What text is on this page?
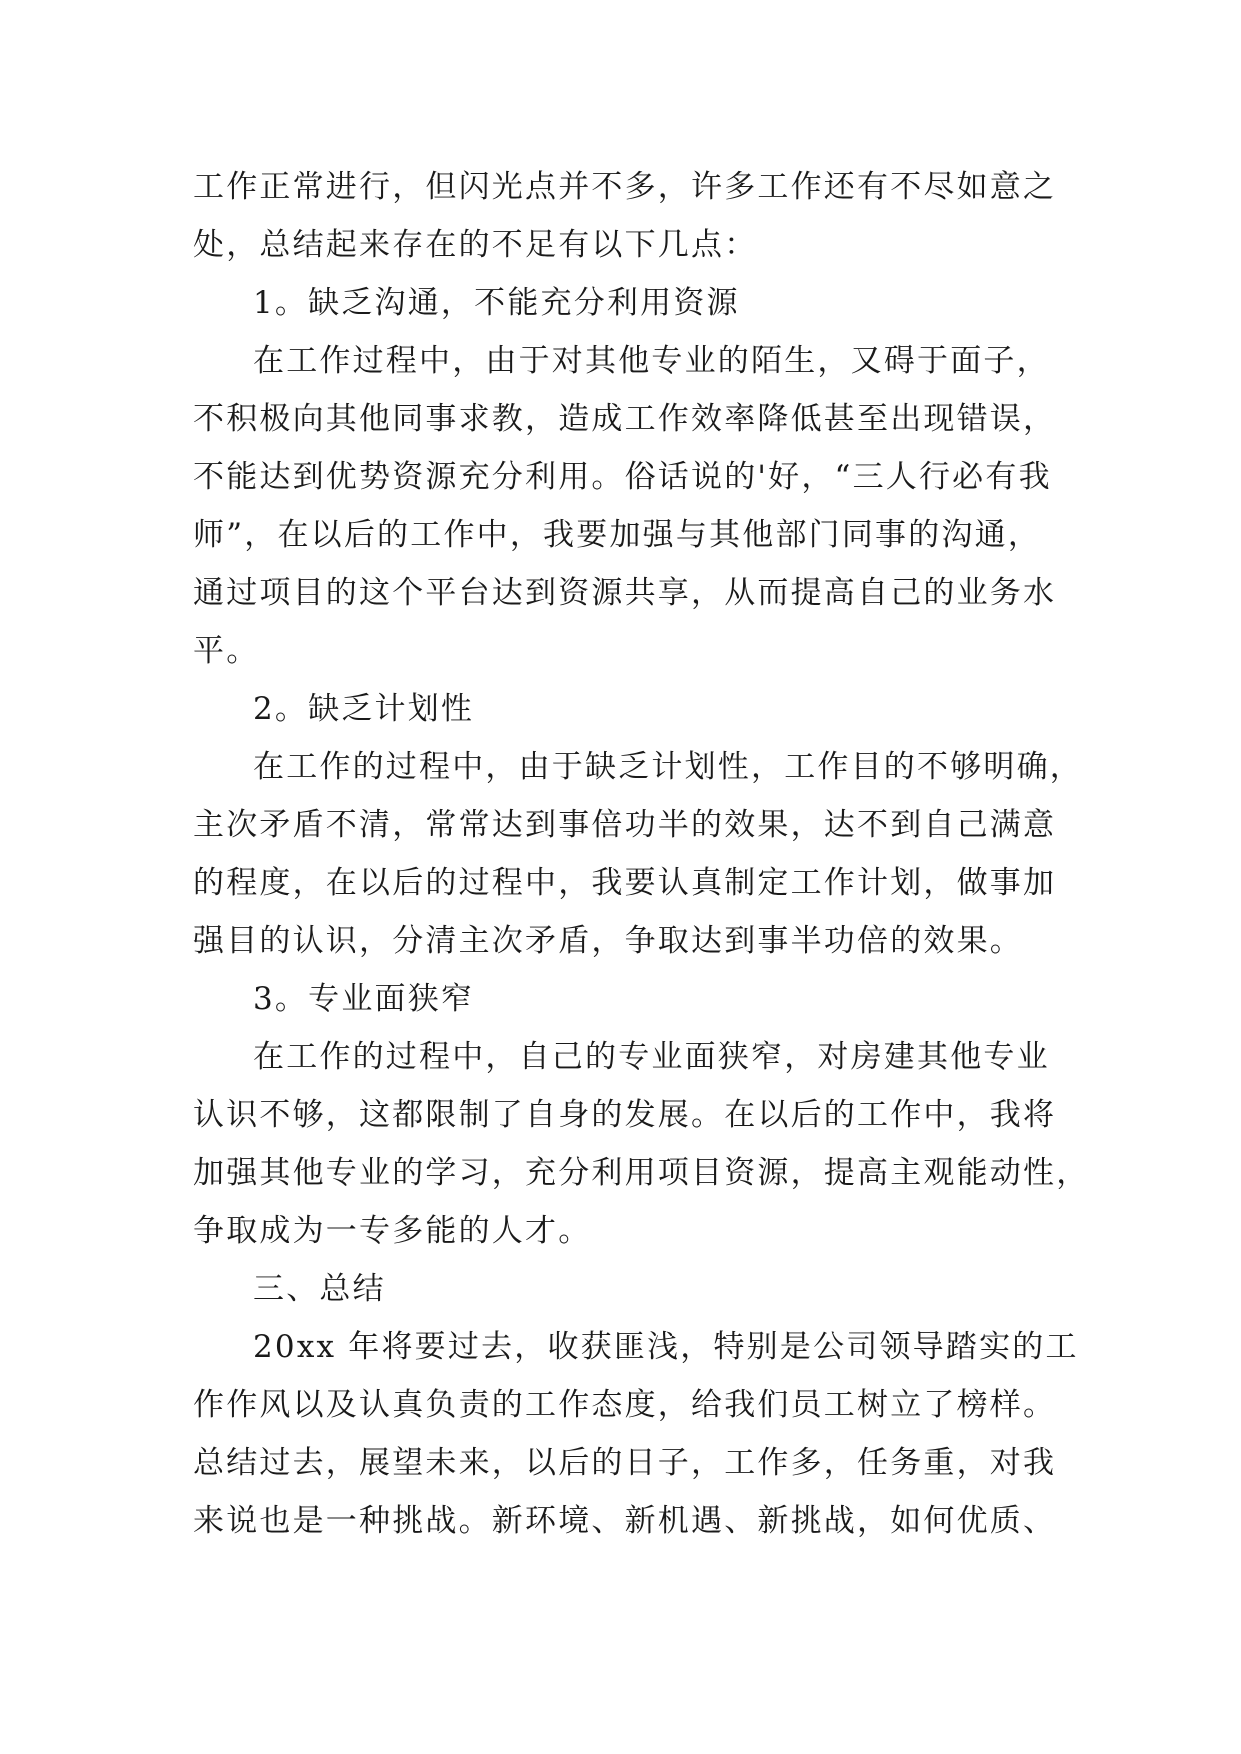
工作正常进行，但闪光点并不多，许多工作还有不尽如意之
处，总结起来存在的不足有以下几点：
1。缺乏沟通，不能充分利用资源
在工作过程中，由于对其他专业的陌生，又碍于面子，
不积极向其他同事求教，造成工作效率降低甚至出现错误，
不能达到优势资源充分利用。俗话说的'好，“三人行必有我
师”，在以后的工作中，我要加强与其他部门同事的沟通，
通过项目的这个平台达到资源共享，从而提高自己的业务水
平。
2。缺乏计划性
在工作的过程中，由于缺乏计划性，工作目的不够明确，
主次矛盾不清，常常达到事倍功半的效果，达不到自己满意
的程度，在以后的过程中，我要认真制定工作计划，做事加
强目的认识，分清主次矛盾，争取达到事半功倍的效果。
3。专业面狭窄
在工作的过程中，自己的专业面狭窄，对房建其他专业
认识不够，这都限制了自身的发展。在以后的工作中，我将
加强其他专业的学习，充分利用项目资源，提高主观能动性，
争取成为一专多能的人才。
三、总结
20xx 年将要过去，收获匪浅，特别是公司领导踏实的工
作作风以及认真负责的工作态度，给我们员工树立了榜样。
总结过去，展望未来，以后的日子，工作多，任务重，对我
来说也是一种挑战。新环境、新机遇、新挑战，如何优质、
